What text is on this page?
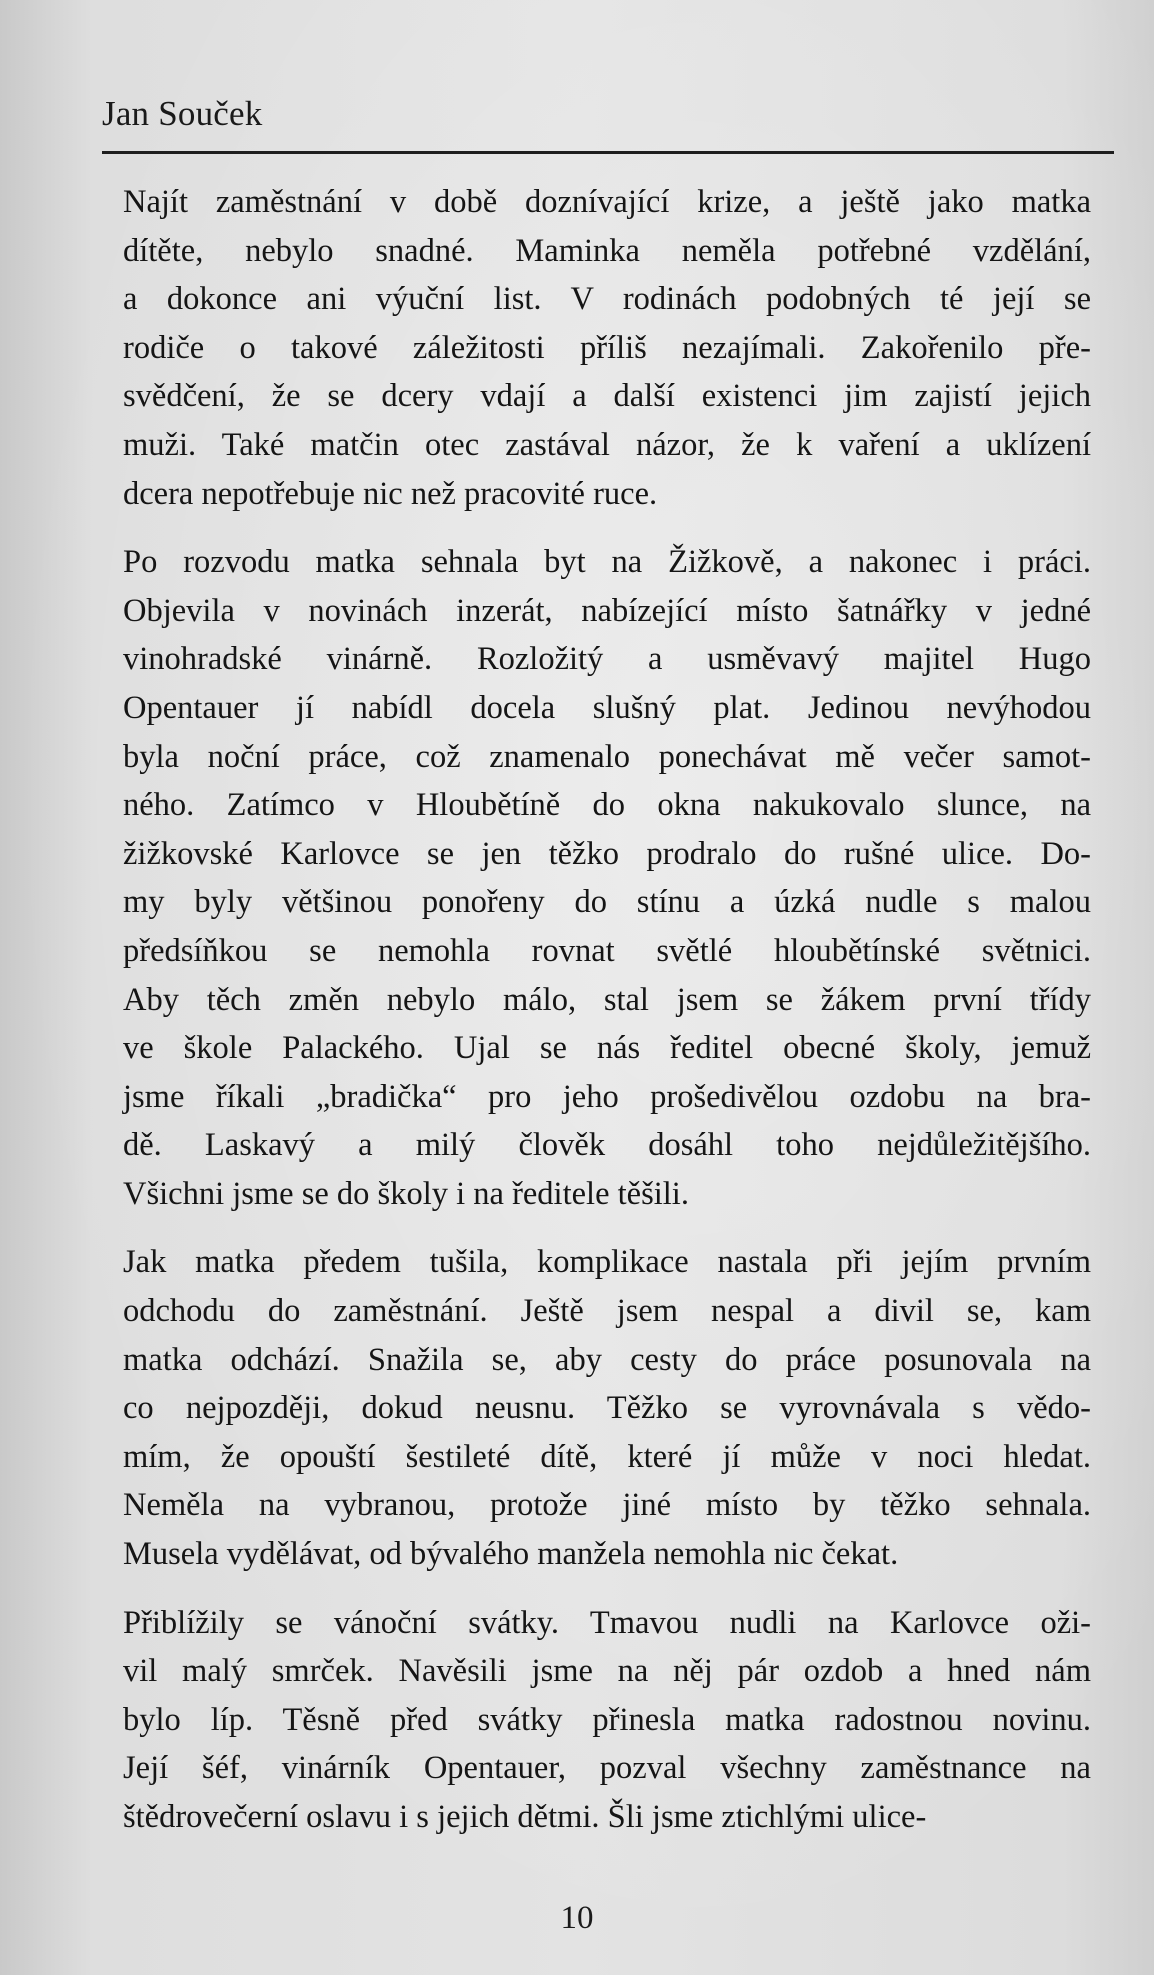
Jan Souček
Najít zaměstnání v době doznívající krize, a ještě jako matka
dítěte, nebylo snadné. Maminka neměla potřebné vzdělání,
a dokonce ani výuční list. V rodinách podobných té její se
rodiče o takové záležitosti příliš nezajímali. Zakořenilo pře-
svědčení, že se dcery vdají a další existenci jim zajistí jejich
muži. Také matčin otec zastával názor, že k vaření a uklízení
dcera nepotřebuje nic než pracovité ruce.
Po rozvodu matka sehnala byt na Žižkově, a nakonec i práci.
Objevila v novinách inzerát, nabízející místo šatnářky v jedné
vinohradské vinárně. Rozložitý a usměvavý majitel Hugo
Opentauer jí nabídl docela slušný plat. Jedinou nevýhodou
byla noční práce, což znamenalo ponechávat mě večer samot-
ného. Zatímco v Hloubětíně do okna nakukovalo slunce, na
žižkovské Karlovce se jen těžko prodralo do rušné ulice. Do-
my byly většinou ponořeny do stínu a úzká nudle s malou
předsíňkou se nemohla rovnat světlé hloubětínské světnici.
Aby těch změn nebylo málo, stal jsem se žákem první třídy
ve škole Palackého. Ujal se nás ředitel obecné školy, jemuž
jsme říkali „bradička“ pro jeho prošedivělou ozdobu na bra-
dě. Laskavý a milý člověk dosáhl toho nejdůležitějšího.
Všichni jsme se do školy i na ředitele těšili.
Jak matka předem tušila, komplikace nastala při jejím prvním
odchodu do zaměstnání. Ještě jsem nespal a divil se, kam
matka odchází. Snažila se, aby cesty do práce posunovala na
co nejpozději, dokud neusnu. Těžko se vyrovnávala s vědo-
mím, že opouští šestileté dítě, které jí může v noci hledat.
Neměla na vybranou, protože jiné místo by těžko sehnala.
Musela vydělávat, od bývalého manžela nemohla nic čekat.
Přiblížily se vánoční svátky. Tmavou nudli na Karlovce oži-
vil malý smrček. Navěsili jsme na něj pár ozdob a hned nám
bylo líp. Těsně před svátky přinesla matka radostnou novinu.
Její šéf, vinárník Opentauer, pozval všechny zaměstnance na
štědrovečerní oslavu i s jejich dětmi. Šli jsme ztichlými ulice-
10
